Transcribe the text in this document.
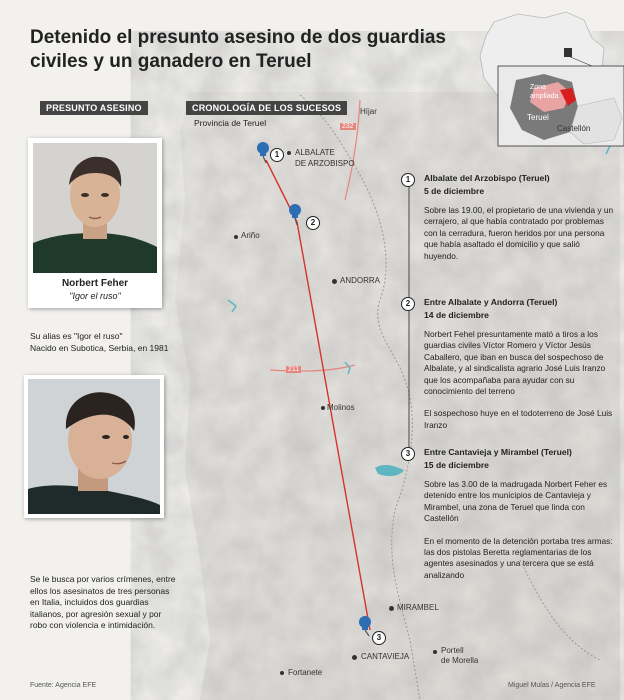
232
211
Detenido el presunto asesino de dos guardias civiles y un ganadero en Teruel
PRESUNTO ASESINO	CRONOLOGÍA DE LOS SUCESOS
Provincia de Teruel
Zona
ampliada
Teruel
Castellón
Norbert Feher
"Igor el ruso"
Su alias es "Igor el ruso"
Nacido en Subotica, Serbia, en 1981
Se le busca por varios crímenes, entre ellos los asesinatos de tres personas en Italia, incluidos dos guardias italianos, por agresión sexual y por robo con violencia e intimidación.
Híjar
ALBALATE
DE ARZOBISPO
Ariño
ANDORRA
Molinos
MIRAMBEL
CANTAVIEJA
Fortanete
Portell
de Morella
1
2
3
1	Albalate del Arzobispo (Teruel)
5 de diciembre
Sobre las 19.00, el propietario de una vivienda y un cerrajero, al que había contratado por problemas con la cerradura, fueron heridos por una persona que había asaltado el domicilio y que salió huyendo.
2	Entre Albalate y Andorra (Teruel)
14 de diciembre
Norbert Fehel presuntamente mató a tiros a los guardias civiles Víctor Romero y Víctor Jesús Caballero, que iban en busca del sospechoso de Albalate, y al sindicalista agrario José Luis Iranzo que los acompañaba para ayudar con su conocimiento del terreno
El sospechoso huye en el todoterreno de José Luis Iranzo
3	Entre Cantavieja y Mirambel (Teruel)
15 de diciembre
Sobre las 3.00 de la madrugada Norbert Feher es detenido entre los municipios de Cantavieja y Mirambel, una zona de Teruel que linda con Castellón
En el momento de la detención portaba tres armas: las dos pistolas Beretta reglamentarias de los agentes asesinados y una tercera que se está analizando
Fuente: Agencia EFE	Miguel Mulas / Agencia EFE
